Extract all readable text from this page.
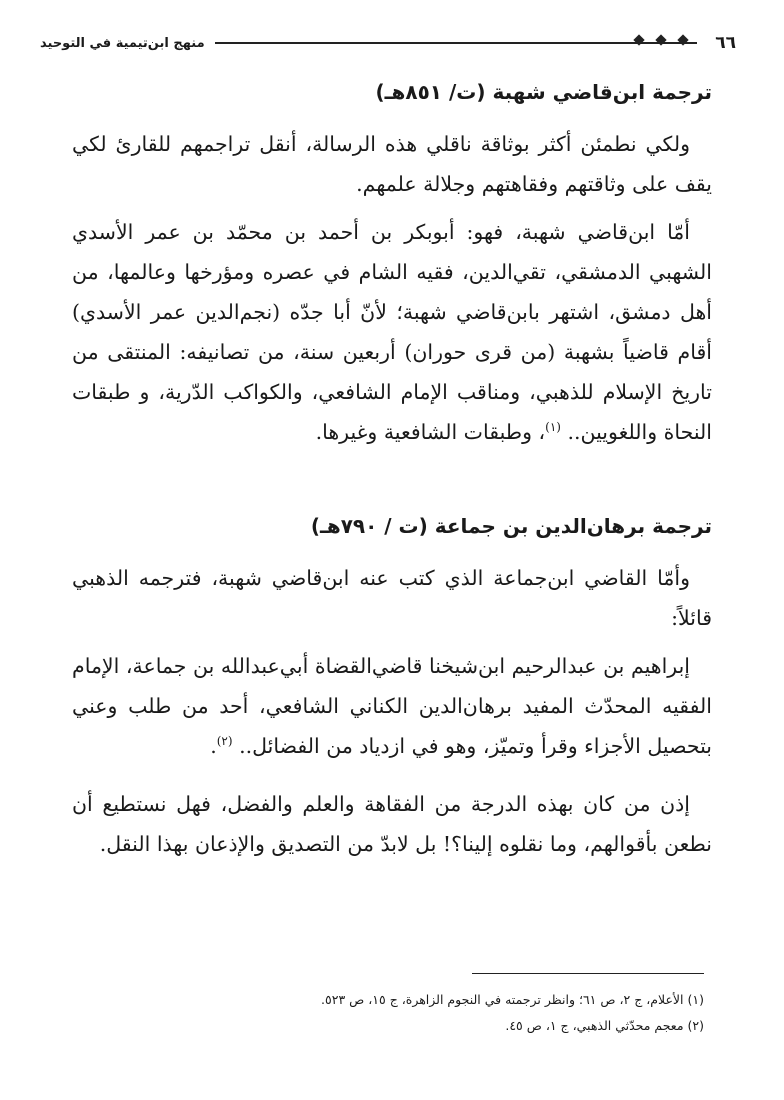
٦٦
منهج ابن‌تيمية في التوحيد
ترجمة ابن‌قاضي شهبة (ت/ ٨٥١هـ)

ولكي نطمئن أكثر بوثاقة ناقلي هذه الرسالة، أنقل تراجمهم للقارئ لكي يقف على وثاقتهم وفقاهتهم وجلالة علمهم.

أمّا ابن‌قاضي شهبة، فهو: أبوبكر بن أحمد بن محمّد بن عمر الأسدي الشهبي الدمشقي، تقي‌الدين، فقيه الشام في عصره ومؤرخها وعالمها، من أهل دمشق، اشتهر بابن‌قاضي شهبة؛ لأنّ أبا جدّه (نجم‌الدين عمر الأسدي) أقام قاضياً بشهبة (من قرى حوران) أربعين سنة، من تصانيفه: المنتقى من تاريخ الإسلام للذهبي، ومناقب الإمام الشافعي، والكواكب الدّرية، و طبقات النحاة واللغويين.. $^{(١)}$، وطبقات الشافعية وغيرها.

ترجمة برهان‌الدين بن جماعة (ت / ٧٩٠هـ)

وأمّا القاضي ابن‌جماعة الذي كتب عنه ابن‌قاضي شهبة، فترجمه الذهبي قائلاً:

إبراهيم بن عبدالرحيم ابن‌شيخنا قاضي‌القضاة أبي‌عبدالله بن جماعة، الإمام الفقيه المحدّث المفيد برهان‌الدين الكناني الشافعي، أحد من طلب وعني بتحصيل الأجزاء وقرأ وتميّز، وهو في ازدياد من الفضائل.. $^{(٢)}$.

إذن من كان بهذه الدرجة من الفقاهة والعلم والفضل، فهل نستطيع أن نطعن بأقوالهم، وما نقلوه إلينا؟! بل لابدّ من التصديق والإذعان بهذا النقل.

(١) الأعلام، ج ٢، ص ٦١؛ وانظر ترجمته في النجوم الزاهرة، ج ١٥، ص ٥٢٣.
(٢) معجم محدّثي الذهبي، ج ١، ص ٤٥.
